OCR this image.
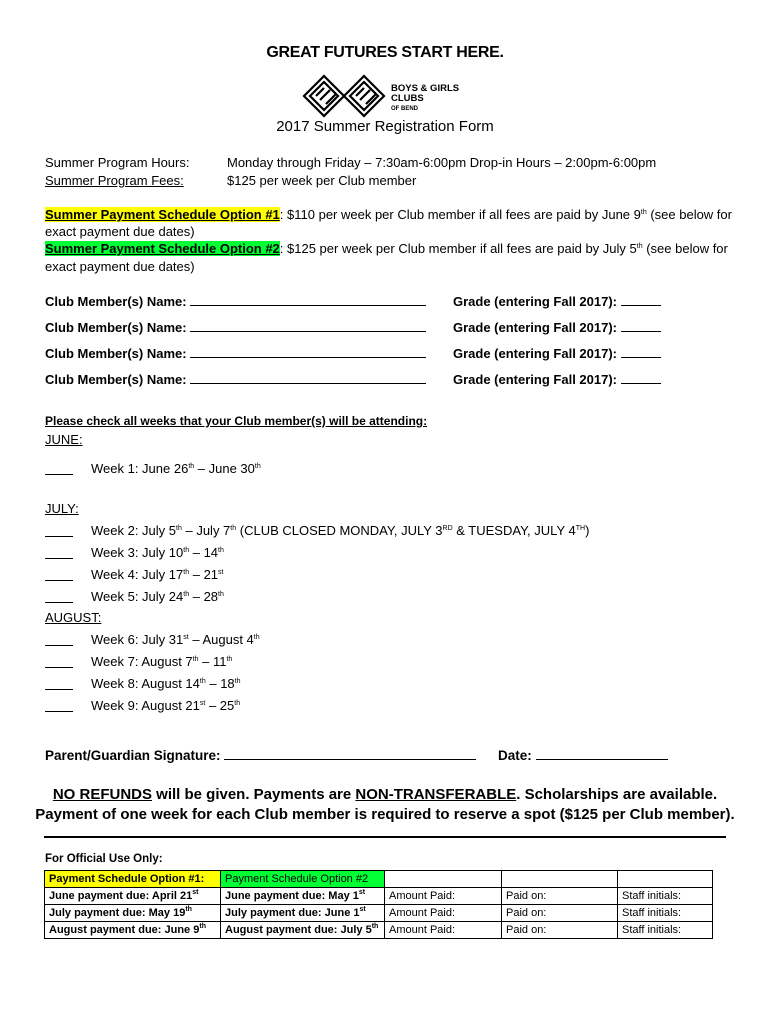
GREAT FUTURES START HERE.
BOYS & GIRLS CLUBS
OF BEND
2017 Summer Registration Form
Summer Program Hours:	Monday through Friday – 7:30am-6:00pm Drop-in Hours – 2:00pm-6:00pm
Summer Program Fees:	$125 per week per Club member
Summer Payment Schedule Option #1: $110 per week per Club member if all fees are paid by June 9th (see below for
exact payment due dates)
Summer Payment Schedule Option #2: $125 per week per Club member if all fees are paid by July 5th (see below for
exact payment due dates)
Club Member(s) Name:	Grade (entering Fall 2017):
Club Member(s) Name:	Grade (entering Fall 2017):
Club Member(s) Name:	Grade (entering Fall 2017):
Club Member(s) Name:	Grade (entering Fall 2017):
Please check all weeks that your Club member(s) will be attending:
JUNE:
Week 1: June 26th – June 30th
JULY:
Week 2: July 5th – July 7th (CLUB CLOSED MONDAY, JULY 3RD & TUESDAY, JULY 4TH)
Week 3: July 10th – 14th
Week 4: July 17th – 21st
Week 5: July 24th – 28th
AUGUST:
Week 6: July 31st – August 4th
Week 7: August 7th – 11th
Week 8: August 14th – 18th
Week 9: August 21st – 25th
Parent/Guardian Signature:	Date:
NO REFUNDS will be given. Payments are NON-TRANSFERABLE. Scholarships are available.
Payment of one week for each Club member is required to reserve a spot ($125 per Club member).
For Official Use Only:
Payment Schedule Option #1:	Payment Schedule Option #2			
June payment due: April 21st	June payment due: May 1st	Amount Paid:	Paid on:	Staff initials:
July payment due: May 19th	July payment due: June 1st	Amount Paid:	Paid on:	Staff initials:
August payment due: June 9th	August payment due: July 5th	Amount Paid:	Paid on:	Staff initials:
